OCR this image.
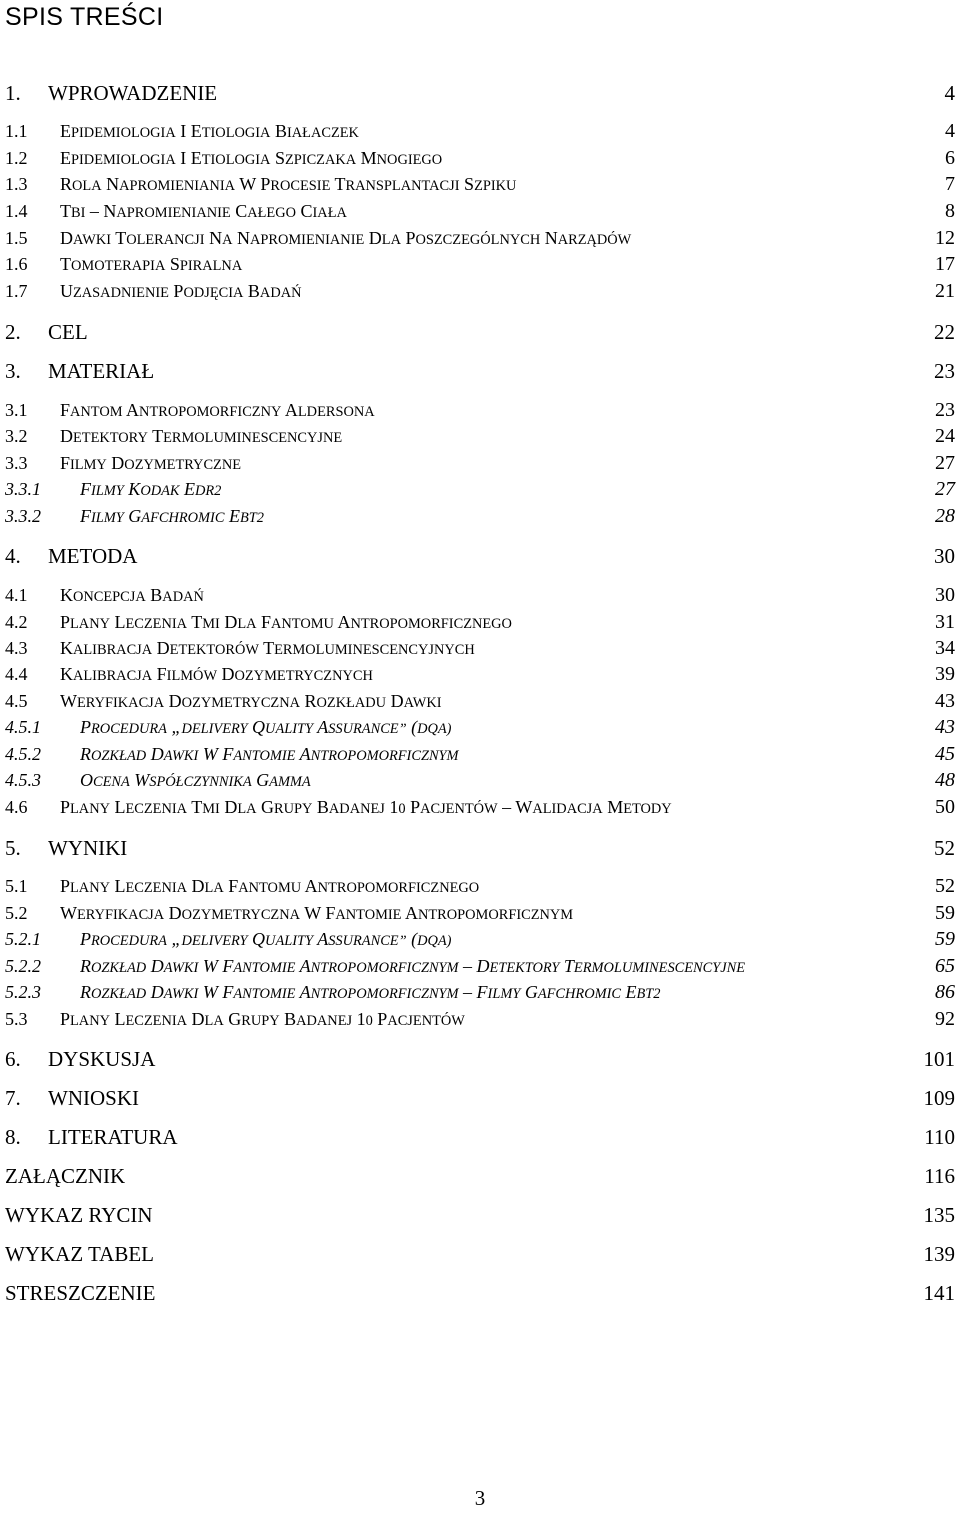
SPIS TREŚCI
1.	WPROWADZENIE	4
1.1	EPIDEMIOLOGIA I ETIOLOGIA BIAŁACZEK	4
1.2	EPIDEMIOLOGIA I ETIOLOGIA SZPICZAKA MNOGIEGO	6
1.3	ROLA NAPROMIENIANIA W PROCESIE TRANSPLANTACJI SZPIKU	7
1.4	TBI – NAPROMIENIANIE CAŁEGO CIAŁA	8
1.5	DAWKI TOLERANCJI NA NAPROMIENIANIE DLA POSZCZEGÓLNYCH NARZĄDÓW	12
1.6	TOMOTERAPIA SPIRALNA	17
1.7	UZASADNIENIE PODJĘCIA BADAŃ	21
2.	CEL	22
3.	MATERIAŁ	23
3.1	FANTOM ANTROPOMORFICZNY ALDERSONA	23
3.2	DETEKTORY TERMOLUMINESCENCYJNE	24
3.3	FILMY DOZYMETRYCZNE	27
3.3.1	FILMY KODAK EDR2	27
3.3.2	FILMY GAFCHROMIC EBT2	28
4.	METODA	30
4.1	KONCEPCJA BADAŃ	30
4.2	PLANY LECZENIA TMI DLA FANTOMU ANTROPOMORFICZNEGO	31
4.3	KALIBRACJA DETEKTORÓW TERMOLUMINESCENCYJNYCH	34
4.4	KALIBRACJA FILMÓW DOZYMETRYCZNYCH	39
4.5	WERYFIKACJA DOZYMETRYCZNA ROZKŁADU DAWKI	43
4.5.1	PROCEDURA „DELIVERY QUALITY ASSURANCE” (DQA)	43
4.5.2	ROZKŁAD DAWKI W FANTOMIE ANTROPOMORFICZNYM	45
4.5.3	OCENA WSPÓŁCZYNNIKA GAMMA	48
4.6	PLANY LECZENIA TMI DLA GRUPY BADANEJ 10 PACJENTÓW – WALIDACJA METODY	50
5.	WYNIKI	52
5.1	PLANY LECZENIA DLA FANTOMU ANTROPOMORFICZNEGO	52
5.2	WERYFIKACJA DOZYMETRYCZNA W FANTOMIE ANTROPOMORFICZNYM	59
5.2.1	PROCEDURA „DELIVERY QUALITY ASSURANCE” (DQA)	59
5.2.2	ROZKŁAD DAWKI W FANTOMIE ANTROPOMORFICZNYM – DETEKTORY TERMOLUMINESCENCYJNE	65
5.2.3	ROZKŁAD DAWKI W FANTOMIE ANTROPOMORFICZNYM – FILMY GAFCHROMIC EBT2	86
5.3	PLANY LECZENIA DLA GRUPY BADANEJ 10 PACJENTÓW	92
6.	DYSKUSJA	101
7.	WNIOSKI	109
8.	LITERATURA	110
ZAŁĄCZNIK	116
WYKAZ RYCIN	135
WYKAZ TABEL	139
STRESZCZENIE	141
3
